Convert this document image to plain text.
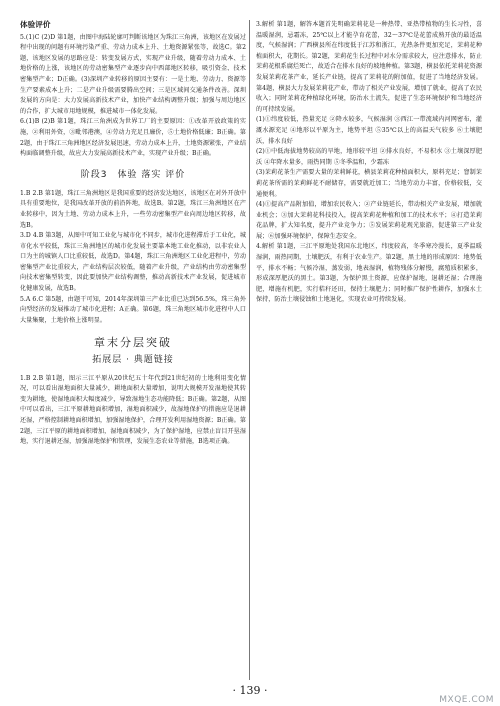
体验评价

5.(1)C (2)D 第1题，由图中海陆轮廓可判断该地区为珠江三角洲，该地区在发展过程中出现的问题有环境污染严重、劳动力成本上升、土地资源紧张等，故选C。第2题，该地区发展的思路应是：转变发展方式，实现产业升级，随着劳动力成本、土地价格的上涨，该地区的劳动密集型产业逐步向中西部地区转移，吸引资金、技术密集型产业；D正确。(3)深圳产业转移的原因主要有：一是土地、劳动力、资源等生产要素成本上升；二是产业升级需要腾出空间；三是区域间交通条件改善。深圳发展的方向是：大力发展高新技术产业，加快产业结构调整升级；加强与周边地区的合作，扩大城市用地规模，推进城市一体化发展。

6.(1)B (2)B 第1题，珠江三角洲成为世界工厂的主要原因：①改革开放政策的实施，②利用外资，③毗邻港澳，④劳动力充足且廉价，⑤土地价格低廉；B正确。第2题，由于珠江三角洲地区经济发展迅速，劳动力成本上升，土地资源紧张，产业结构面临调整升级，故应大力发展高新技术产业，实现产业升级；B正确。

阶段3　体验 落实 评价

1.B 2.B 第1题，珠江三角洲地区是我国重要的经济发达地区，该地区在对外开放中具有重要地位，是我国改革开放的前沿阵地，故选B。第2题，珠江三角洲地区在产业转移中，因为土地、劳动力成本上升，一些劳动密集型产业向周边地区转移，故选B。

3.D 4.B 第3题，从图中可知工业化与城市化不同步，城市化进程滞后于工业化，城市化水平较低，珠江三角洲地区的城市化发展主要靠本地工业化推动，以非农业人口为主的城镇人口比重较低，故选D。第4题，珠江三角洲地区工业化进程中，劳动密集型产业比重较大，产业结构层次较低，随着产业升级，产业结构由劳动密集型向技术密集型转变，因此要加快产业结构调整，推动高新技术产业发展，促进城市化健康发展，故选B。

5.A 6.C 第5题，由题干可知，2014年深圳第三产业比重已达到56.5%，珠三角外向型经济的发展推动了城市化进程；A正确。第6题，珠三角地区城市化进程中人口大量集聚，土地价格上涨明显。

章末分层突破

拓展层 · 典题链接

1.B 2.B 第1题，图示三江平原从20世纪五十年代到21世纪初的土地利用变化情况，可以看出湿地面积大量减少，耕地面积大量增加，说明大规模开发湿地使其转变为耕地，使湿地面积大幅度减少，导致湿地生态功能降低；B正确。第2题，从图中可以看出，三江平原耕地面积增加，湿地面积减少，故湿地保护的措施应是退耕还湿，严格控制耕地面积增加，加强湿地保护，合理开发利用湿地资源；B正确。第2题，三江平原的耕地面积增加，湿地面积减少，为了保护湿地，应禁止盲目开垦湿地，实行退耕还湿，加强湿地保护和管理，发展生态农业等措施，B选项正确。

3.解析 第1题，解答本题首先明确茉莉花是一种热带、亚热带植物的生长习性，喜温暖湿润，忌霜冻，25℃以上才能孕育花蕾，32～37℃是花蕾成熟开放的最适温度，气候湿润；广西横县所在纬度低于江苏和浙江，光热条件更加充足，茉莉花种植面积大，花期长。第2题，茉莉花生长过程中对水分需求较大，应注意排水，防止茉莉花根系腐烂死亡，故适合在排水良好的坡地种植。第3题，横县依托茉莉花资源发展茉莉花茶产业，延长产业链，提高了茉莉花的附加值，促进了当地经济发展。第4题，横县大力发展茉莉花产业，带动了相关产业发展，增加了就业，提高了农民收入；同时茉莉花种植绿化环境，防治水土流失，促进了生态环境保护和当地经济的可持续发展。

(1)①纬度较低，热量充足 ②降水较多，气候湿润 ③西江一带流域内河网密布，灌溉水源充足 ④地形以平原为主，地势平坦 ⑤35℃以上的高温天气较多 ⑥土壤肥沃，排水良好

(2)①中低海拔地势较高的旱地，地形较平坦 ②排水良好，不易积水 ③土壤深厚肥沃 ④年降水量多，雨热同期 ⑤冬季温和，少霜冻

(3)茉莉花茶生产需要大量的茉莉鲜花，横县茉莉花种植面积大，原料充足；窨制茉莉花茶所需的茉莉鲜花不耐储存，需要就近加工；当地劳动力丰富，价格较低，交通便利。

(4)①提高产品附加值，增加农民收入；②产业链延长，带动相关产业发展，增加就业机会；③加大茉莉花科技投入，提高茉莉花种植和加工的技术水平；④打造茉莉花品牌，扩大知名度，提升产业竞争力；⑤发展茉莉花观光旅游，促进第三产业发展；⑥加强环境保护，保障生态安全。

4.解析 第1题，三江平原地处我国东北地区，纬度较高，冬季寒冷漫长，夏季温暖湿润，雨热同期，土壤肥沃，有利于农业生产。第2题，黑土地的形成原因：地势低平，排水不畅；气候冷湿，蒸发弱，地表湿润，植物残体分解慢，腐殖质积累多，形成深厚肥沃的黑土。第3题，为保护黑土资源，应保护湿地，退耕还湿；合理施肥，增施有机肥，实行秸秆还田，保持土壤肥力；同时推广保护性耕作，加强水土保持，防治土壤侵蚀和土地退化，实现农业可持续发展。

· 139 ·
MXQE.COM
